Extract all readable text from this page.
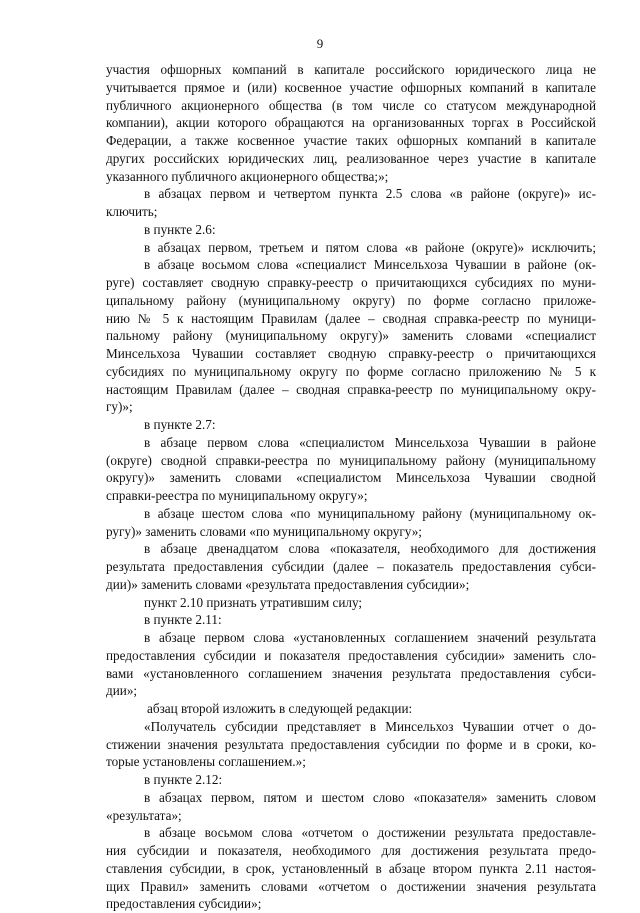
9
участия офшорных компаний в капитале российского юридического лица не
учитывается прямое и (или) косвенное участие офшорных компаний в капитале
публичного акционерного общества (в том числе со статусом международной
компании), акции которого обращаются на организованных торгах в Российской
Федерации, а также косвенное участие таких офшорных компаний в капитале
других российских юридических лиц, реализованное через участие в капитале
указанного публичного акционерного общества;»;
в абзацах первом и четвертом пункта 2.5 слова «в районе (округе)» ис-
ключить;
в пункте 2.6:
в абзацах первом, третьем и пятом слова «в районе (округе)» исключить;
в абзаце восьмом слова «специалист Минсельхоза Чувашии в районе (ок-
руге) составляет сводную справку-реестр о причитающихся субсидиях по муни-
ципальному району (муниципальному округу) по форме согласно приложе-
нию № 5 к настоящим Правилам (далее – сводная справка-реестр по муници-
пальному району (муниципальному округу)» заменить словами «специалист
Минсельхоза Чувашии составляет сводную справку-реестр о причитающихся
субсидиях по муниципальному округу по форме согласно приложению № 5 к
настоящим Правилам (далее – сводная справка-реестр по муниципальному окру-
гу)»;
в пункте 2.7:
в абзаце первом слова «специалистом Минсельхоза Чувашии в районе
(округе) сводной справки-реестра по муниципальному району (муниципальному
округу)» заменить словами «специалистом Минсельхоза Чувашии сводной
справки-реестра по муниципальному округу»;
в абзаце шестом слова «по муниципальному району (муниципальному ок-
ругу)» заменить словами «по муниципальному округу»;
в абзаце двенадцатом слова «показателя, необходимого для достижения
результата предоставления субсидии (далее – показатель предоставления субси-
дии)» заменить словами «результата предоставления субсидии»;
пункт 2.10 признать утратившим силу;
в пункте 2.11:
в абзаце первом слова «установленных соглашением значений результата
предоставления субсидии и показателя предоставления субсидии» заменить сло-
вами «установленного соглашением значения результата предоставления субси-
дии»;
абзац второй изложить в следующей редакции:
«Получатель субсидии представляет в Минсельхоз Чувашии отчет о до-
стижении значения результата предоставления субсидии по форме и в сроки, ко-
торые установлены соглашением.»;
в пункте 2.12:
в абзацах первом, пятом и шестом слово «показателя» заменить словом
«результата»;
в абзаце восьмом слова «отчетом о достижении результата предоставле-
ния субсидии и показателя, необходимого для достижения результата предо-
ставления субсидии, в срок, установленный в абзаце втором пункта 2.11 настоя-
щих Правил» заменить словами «отчетом о достижении значения результата
предоставления субсидии»;
